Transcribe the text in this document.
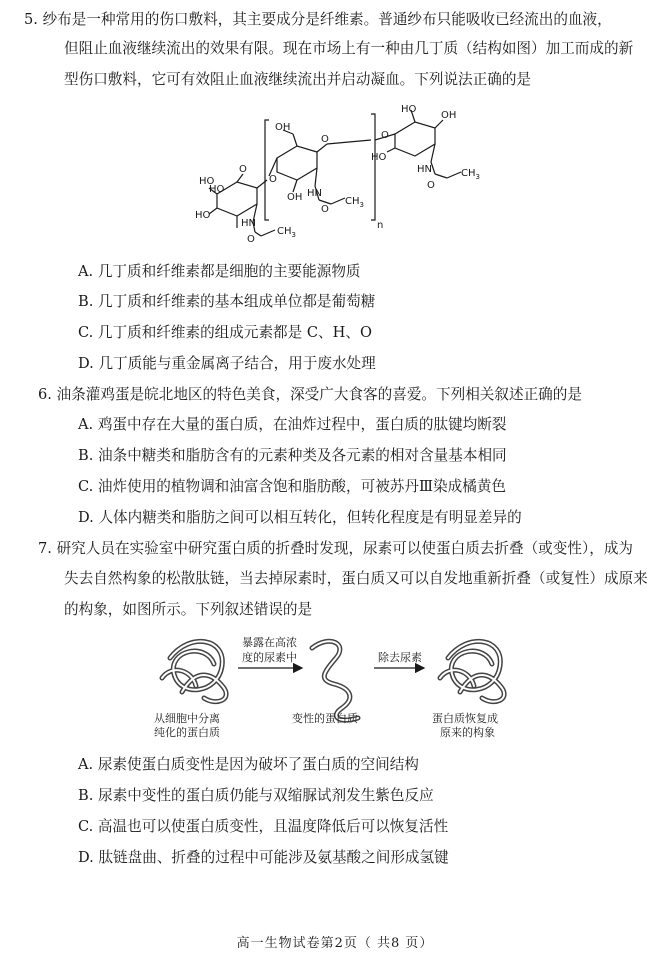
5. 纱布是一种常用的伤口敷料，其主要成分是纤维素。普通纱布只能吸收已经流出的血液，
但阻止血液继续流出的效果有限。现在市场上有一种由几丁质（结构如图）加工而成的新
型伤口敷料，它可有效阻止血液继续流出并启动凝血。下列说法正确的是
HO
HO
HO
O
HN
O
$CH_3$
O
OH
OH HN
O
$CH_3$
O
n
O
HO
HO
OH
HN
O
$CH_3$
A. 几丁质和纤维素都是细胞的主要能源物质
B. 几丁质和纤维素的基本组成单位都是葡萄糖
C. 几丁质和纤维素的组成元素都是 C、H、O
D. 几丁质能与重金属离子结合，用于废水处理
6. 油条灌鸡蛋是皖北地区的特色美食，深受广大食客的喜爱。下列相关叙述正确的是
A. 鸡蛋中存在大量的蛋白质，在油炸过程中，蛋白质的肽键均断裂
B. 油条中糖类和脂肪含有的元素种类及各元素的相对含量基本相同
C. 油炸使用的植物调和油富含饱和脂肪酸，可被苏丹Ⅲ染成橘黄色
D. 人体内糖类和脂肪之间可以相互转化，但转化程度是有明显差异的
7. 研究人员在实验室中研究蛋白质的折叠时发现，尿素可以使蛋白质去折叠（或变性），成为
失去自然构象的松散肽链，当去掉尿素时，蛋白质又可以自发地重新折叠（或复性）成原来
的构象，如图所示。下列叙述错误的是
暴露在高浓
度的尿素中	除去尿素
从细胞中分离
纯化的蛋白质
变性的蛋白质	蛋白质恢复成
原来的构象
A. 尿素使蛋白质变性是因为破坏了蛋白质的空间结构
B. 尿素中变性的蛋白质仍能与双缩脲试剂发生紫色反应
C. 高温也可以使蛋白质变性，且温度降低后可以恢复活性
D. 肽链盘曲、折叠的过程中可能涉及氨基酸之间形成氢键
高一生物试卷第2页（ 共8 页）
